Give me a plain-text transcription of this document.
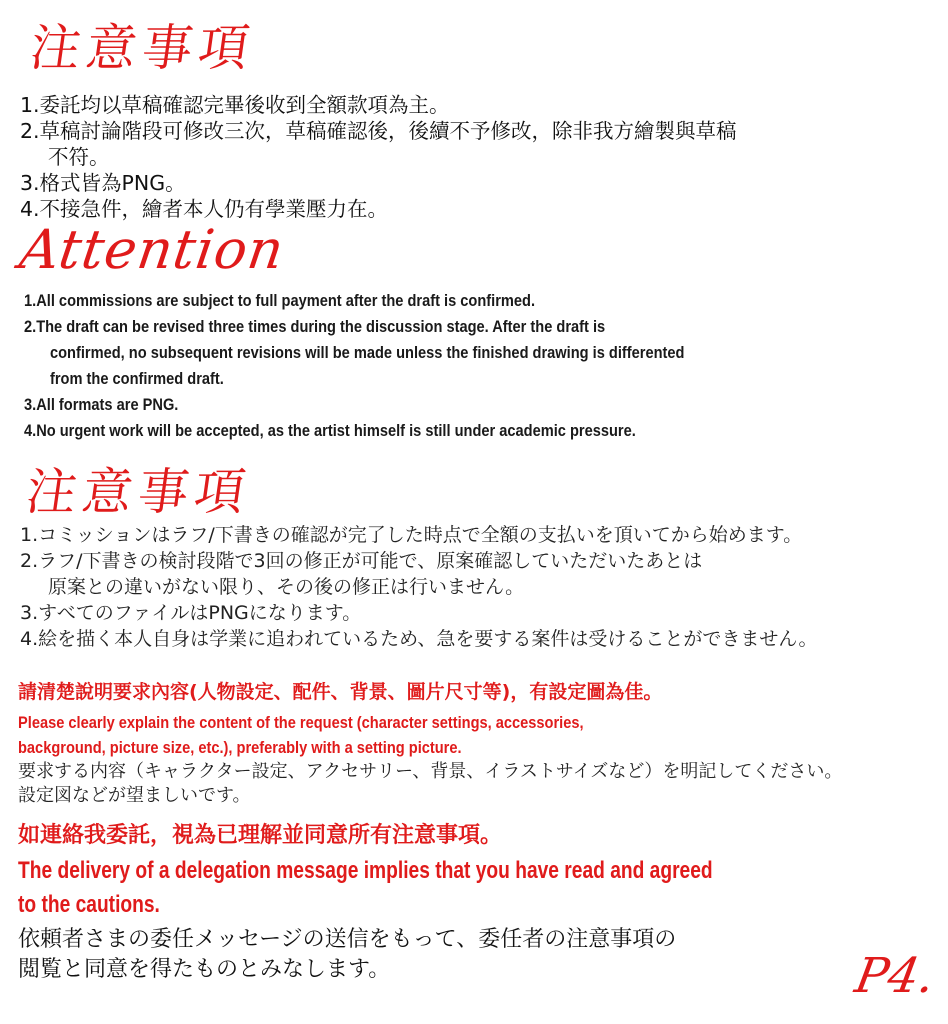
注意事項
1.委託均以草稿確認完畢後收到全額款項為主。
2.草稿討論階段可修改三次，草稿確認後，後續不予修改，除非我方繪製與草稿
不符。
3.格式皆為PNG。
4.不接急件，繪者本人仍有學業壓力在。
Attention
1.All commissions are subject to full payment after the draft is confirmed.
2.The draft can be revised three times during the discussion stage. After the draft is
confirmed, no subsequent revisions will be made unless the finished drawing is differented
from the confirmed draft.
3.All formats are PNG.
4.No urgent work will be accepted, as the artist himself is still under academic pressure.
注意事項
1.コミッションはラフ/下書きの確認が完了した時点で全額の支払いを頂いてから始めます。
2.ラフ/下書きの検討段階で3回の修正が可能で、原案確認していただいたあとは
原案との違いがない限り、その後の修正は行いません。
3.すべてのファイルはPNGになります。
4.絵を描く本人自身は学業に追われているため、急を要する案件は受けることができません。
請清楚說明要求內容(人物設定、配件、背景、圖片尺寸等)，有設定圖為佳。
Please clearly explain the content of the request (character settings, accessories,
background, picture size, etc.), preferably with a setting picture.
要求する内容（キャラクター設定、アクセサリー、背景、イラストサイズなど）を明記してください。
設定図などが望ましいです。
如連絡我委託，視為已理解並同意所有注意事項。
The delivery of a delegation message implies that you have read and agreed
to the cautions.
依頼者さまの委任メッセージの送信をもって、委任者の注意事項の
閲覧と同意を得たものとみなします。	P4.
